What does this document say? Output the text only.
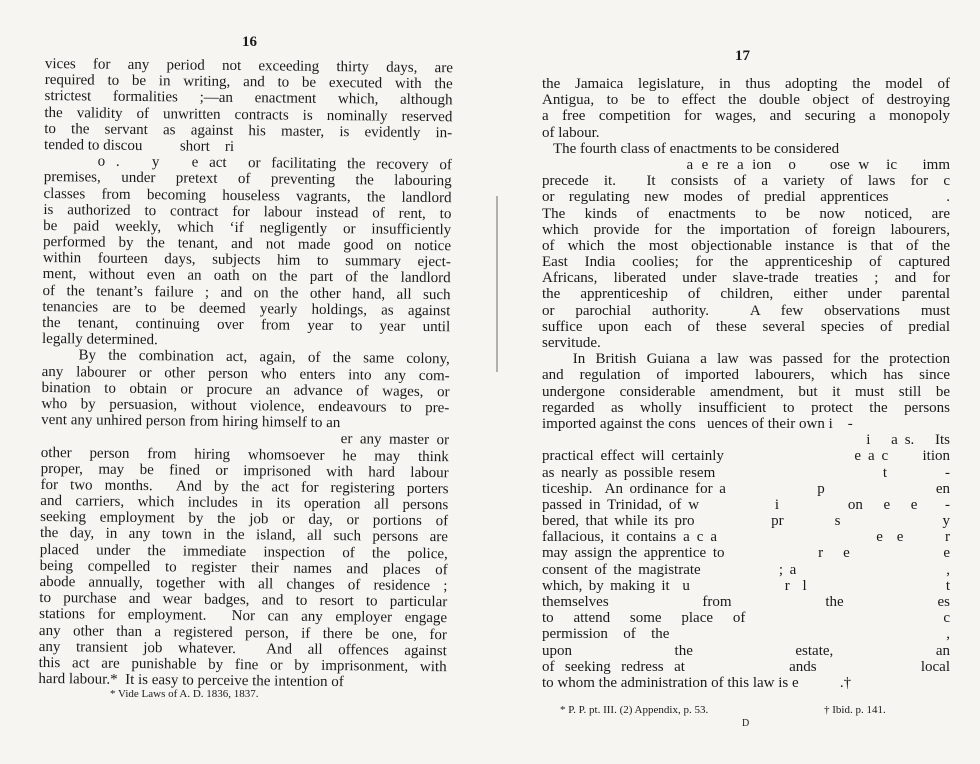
16
vices for any period not exceeding thirty days, are
required to be in writing, and to be executed with the
strictest formalities ;—an enactment which, although
the validity of unwritten contracts is nominally reserved
to the servant as against his master, is evidently in-
tended to discou          short    ri
o .   y   e act  or facilitating the recovery of
premises, under pretext of preventing the labouring
classes from becoming houseless vagrants, the landlord
is authorized to contract for labour instead of rent, to
be paid weekly, which ‘if negligently or insufficiently
performed by the tenant, and not made good on notice
within fourteen days, subjects him to summary eject-
ment, without even an oath on the part of the landlord
of the tenant’s failure ; and on the other hand, all such
tenancies are to be deemed yearly holdings, as against
the tenant, continuing over from year to year until
legally determined.
By the combination act, again, of the same colony,
any labourer or other person who enters into any com-
bination to obtain or procure an advance of wages, or
who by persuasion, without violence, endeavours to pre-
vent any unhired person from hiring himself to an
er any master or
other person from hiring whomsoever he may think
proper, may be fined or imprisoned with hard labour
for two months.  And by the act for registering porters
and carriers, which includes in its operation all persons
seeking employment by the job or day, or portions of
the day, in any town in the island, all such persons are
placed under the immediate inspection of the police,
being compelled to register their names and places of
abode annually, together with all changes of residence ;
to purchase and wear badges, and to resort to particular
stations for employment.  Nor can any employer engage
any other than a registered person, if there be one, for
any transient job whatever.  And all offences against
this act are punishable by fine or by imprisonment, with
hard labour.*  It is easy to perceive the intention of
* Vide Laws of A. D. 1836, 1837.
17
the Jamaica legislature, in thus adopting the model of
Antigua, to be to effect the double object of destroying
a free competition for wages, and securing a monopoly
of labour.
The fourth class of enactments to be considered
a e re a ion  o    ose w  ic   imm
precede it.  It consists of a variety of laws for c
or regulating new modes of predial apprentices    .
The kinds of enactments to be now noticed, are
which provide for the importation of foreign labourers,
of which the most objectionable instance is that of the
East India coolies; for the apprenticeship of captured
Africans, liberated under slave-trade treaties ; and for
the apprenticeship of children, either under parental
or parochial authority.  A few observations must
suffice upon each of these several species of predial
servitude.
In British Guiana a law was passed for the protection
and regulation of imported labourers, which has since
undergone considerable amendment, but it must still be
regarded as wholly insufficient to protect the persons
imported against the cons   uences of their own i    -
i   a s.   Its
practical effect will certainly                   e a c     ition
as nearly as possible resem                          t         -
ticeship.  An ordinance for a              p                 en
passed in Trinidad, of w           i          on   e   e    -
bered, that while its pro            pr        s                y
fallacious, it contains a c a                       e  e      r
may assign the apprentice to              r   e              e
consent of the magistrate            ; a                       ,
which, by making it  u               r  l                      t
themselves from the es
to attend some place of          c
permission of the                  ,
upon the estate, an
of seeking redress at          ands          local
to whom the administration of this law is e           .†
* P. P. pt. III. (2) Appendix, p. 53.	† Ibid. p. 141.
D
